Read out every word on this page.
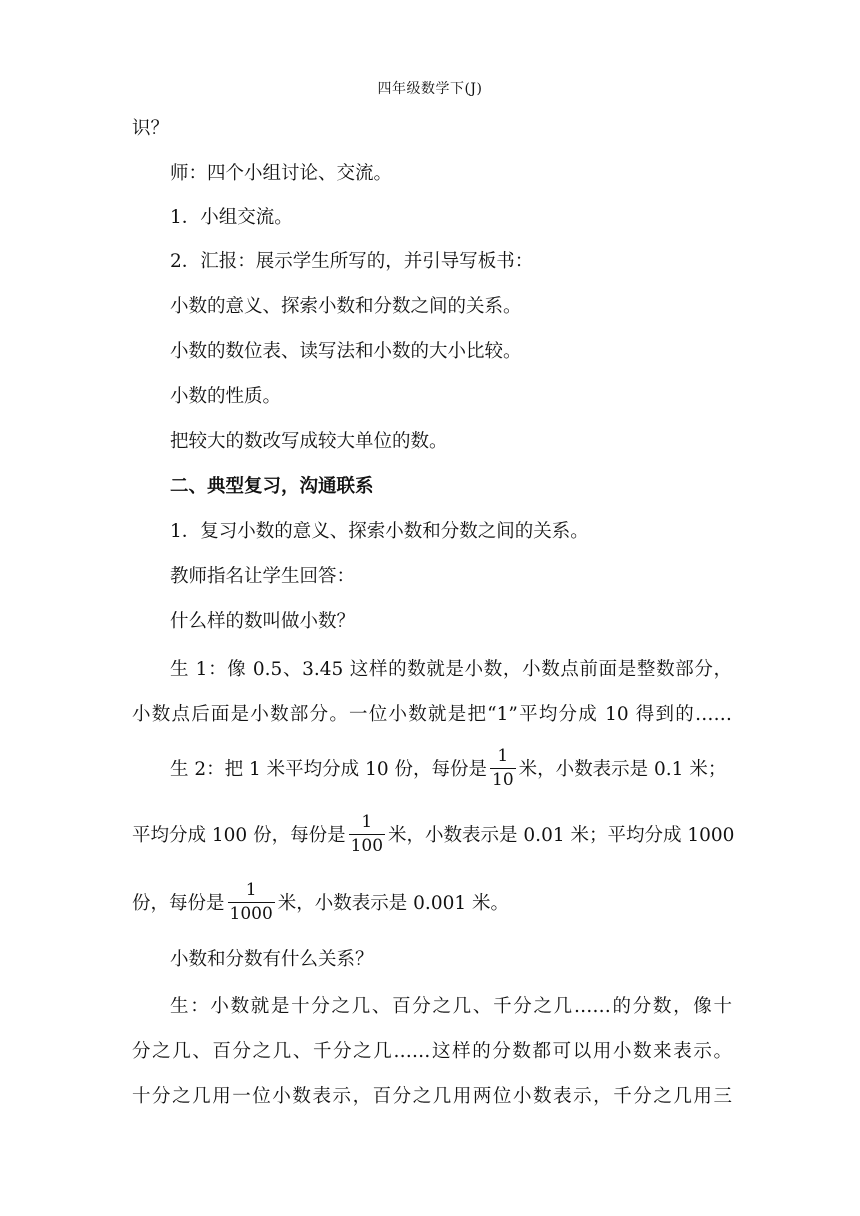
四年级数学下(J)
识？
师：四个小组讨论、交流。
1．小组交流。
2．汇报：展示学生所写的，并引导写板书：
小数的意义、探索小数和分数之间的关系。
小数的数位表、读写法和小数的大小比较。
小数的性质。
把较大的数改写成较大单位的数。
二、典型复习，沟通联系
1．复习小数的意义、探索小数和分数之间的关系。
教师指名让学生回答：
什么样的数叫做小数？
生 1：像 0.5、3.45 这样的数就是小数，小数点前面是整数部分，
小数点后面是小数部分。一位小数就是把“1”平均分成 10 得到的……
生 2：把 1 米平均分成 10 份，每份是 $\frac{1}{10}$ 米，小数表示是 0.1 米；
平均分成 100 份，每份是 $\frac{1}{100}$ 米，小数表示是 0.01 米；平均分成 1000
份，每份是 $\frac{1}{1000}$ 米，小数表示是 0.001 米。
小数和分数有什么关系？
生：小数就是十分之几、百分之几、千分之几……的分数，像十
分之几、百分之几、千分之几……这样的分数都可以用小数来表示。
十分之几用一位小数表示，百分之几用两位小数表示，千分之几用三
